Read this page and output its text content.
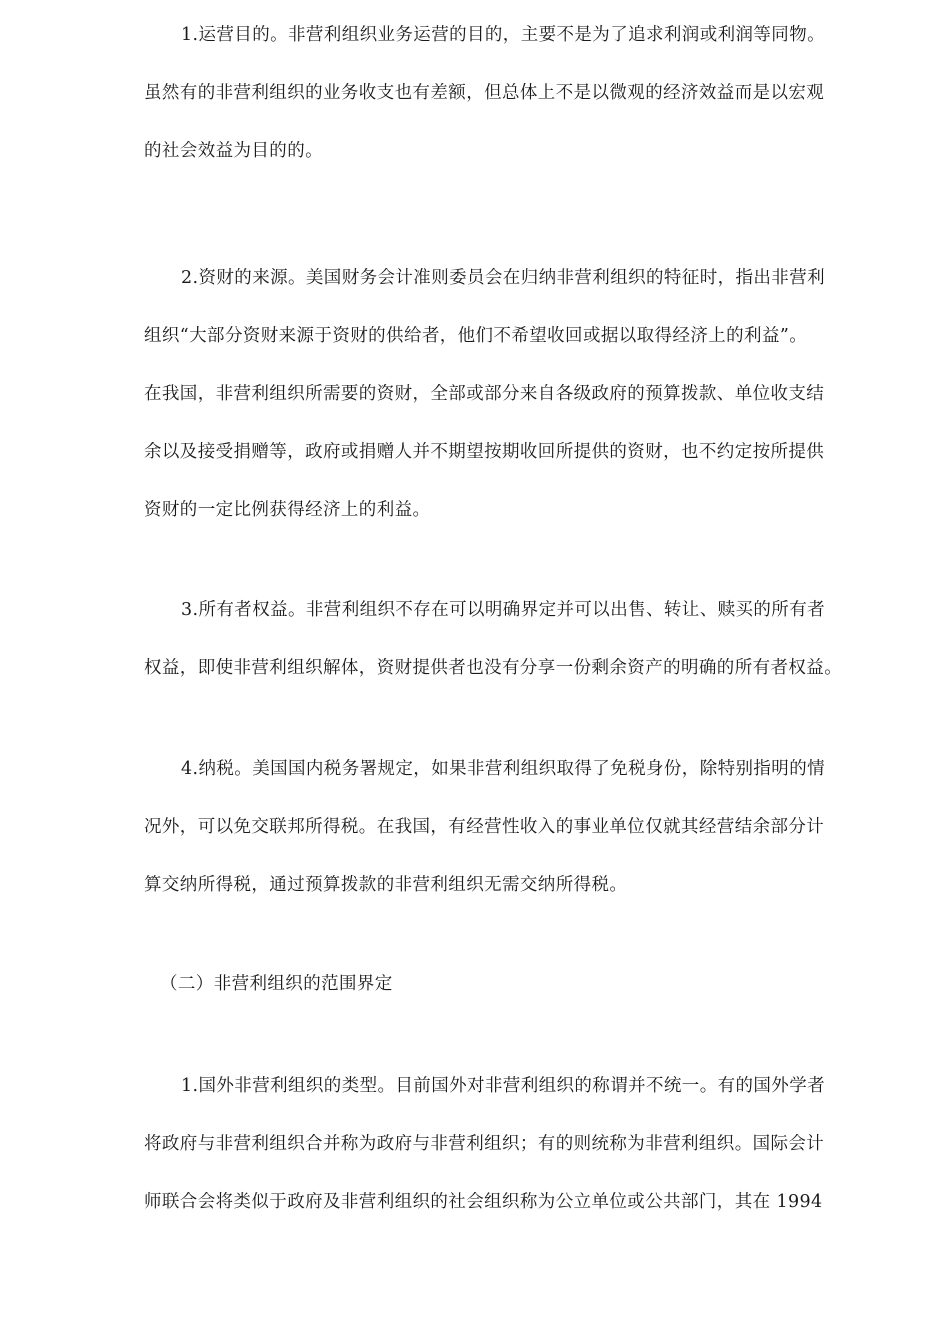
1.运营目的。非营利组织业务运营的目的，主要不是为了追求利润或利润等同物。
虽然有的非营利组织的业务收支也有差额，但总体上不是以微观的经济效益而是以宏观
的社会效益为目的的。
2.资财的来源。美国财务会计准则委员会在归纳非营利组织的特征时，指出非营利
组织“大部分资财来源于资财的供给者，他们不希望收回或据以取得经济上的利益”。
在我国，非营利组织所需要的资财，全部或部分来自各级政府的预算拨款、单位收支结
余以及接受捐赠等，政府或捐赠人并不期望按期收回所提供的资财，也不约定按所提供
资财的一定比例获得经济上的利益。
3.所有者权益。非营利组织不存在可以明确界定并可以出售、转让、赎买的所有者
权益，即使非营利组织解体，资财提供者也没有分享一份剩余资产的明确的所有者权益。
4.纳税。美国国内税务署规定，如果非营利组织取得了免税身份，除特别指明的情
况外，可以免交联邦所得税。在我国，有经营性收入的事业单位仅就其经营结余部分计
算交纳所得税，通过预算拨款的非营利组织无需交纳所得税。
（二）非营利组织的范围界定
1.国外非营利组织的类型。目前国外对非营利组织的称谓并不统一。有的国外学者
将政府与非营利组织合并称为政府与非营利组织；有的则统称为非营利组织。国际会计
师联合会将类似于政府及非营利组织的社会组织称为公立单位或公共部门，其在 1994
